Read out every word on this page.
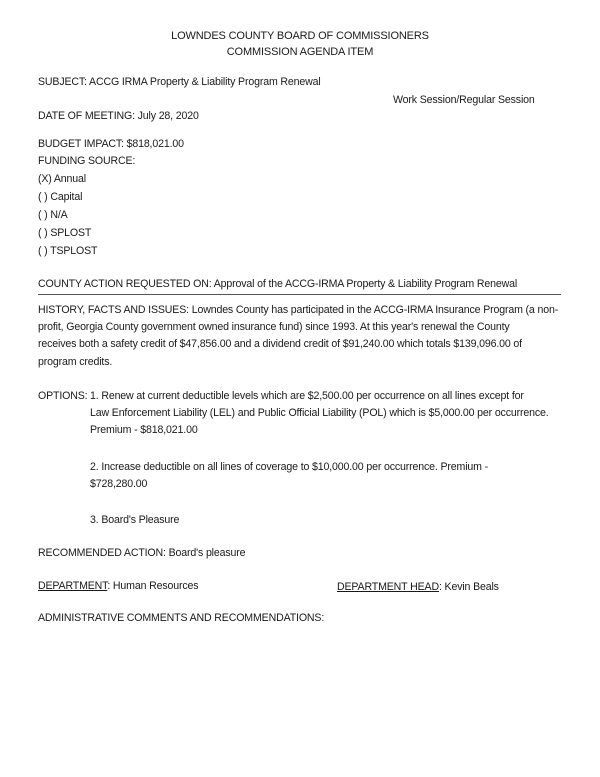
LOWNDES COUNTY BOARD OF COMMISSIONERS
COMMISSION AGENDA ITEM
SUBJECT: ACCG IRMA Property & Liability Program Renewal
Work Session/Regular Session
DATE OF MEETING: July 28, 2020
BUDGET IMPACT: $818,021.00
FUNDING SOURCE:
(X) Annual
( ) Capital
( ) N/A
( ) SPLOST
( ) TSPLOST
COUNTY ACTION REQUESTED ON: Approval of the ACCG-IRMA Property & Liability Program Renewal
HISTORY, FACTS AND ISSUES: Lowndes County has participated in the ACCG-IRMA Insurance Program (a non-
profit, Georgia County government owned insurance fund) since 1993. At this year's renewal the County
receives both a safety credit of $47,856.00 and a dividend credit of $91,240.00 which totals $139,096.00 of
program credits.
OPTIONS: 1. Renew at current deductible levels which are $2,500.00 per occurrence on all lines except for
Law Enforcement Liability (LEL) and Public Official Liability (POL) which is $5,000.00 per occurrence.
Premium - $818,021.00
2. Increase deductible on all lines of coverage to $10,000.00 per occurrence. Premium -
$728,280.00
3. Board's Pleasure
RECOMMENDED ACTION: Board's pleasure
DEPARTMENT: Human Resources	DEPARTMENT HEAD: Kevin Beals
ADMINISTRATIVE COMMENTS AND RECOMMENDATIONS:
